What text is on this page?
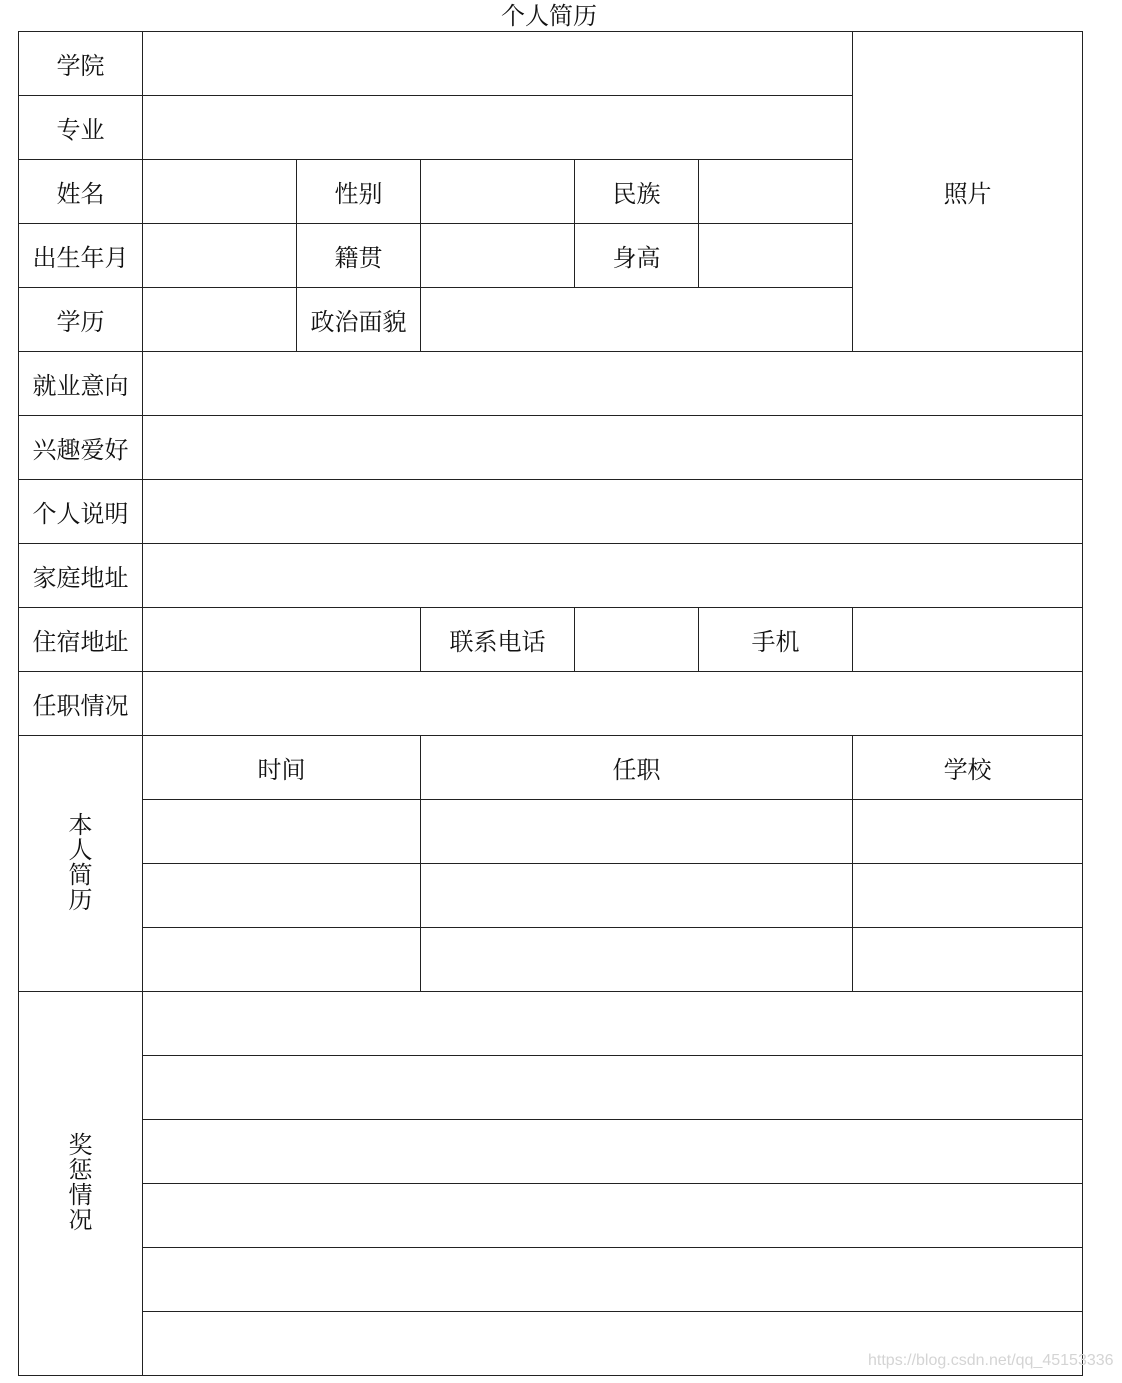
个人简历
学院						照片
专业						
姓名		性别		民族		
出生年月		籍贯		身高		
学历		政治面貌				
就业意向						
兴趣爱好						
个人说明						
家庭地址						
住宿地址			联系电话		手机	
任职情况						
本人简历	时间		任职			学校

奖惩情况						

https://blog.csdn.net/qq_45153336
